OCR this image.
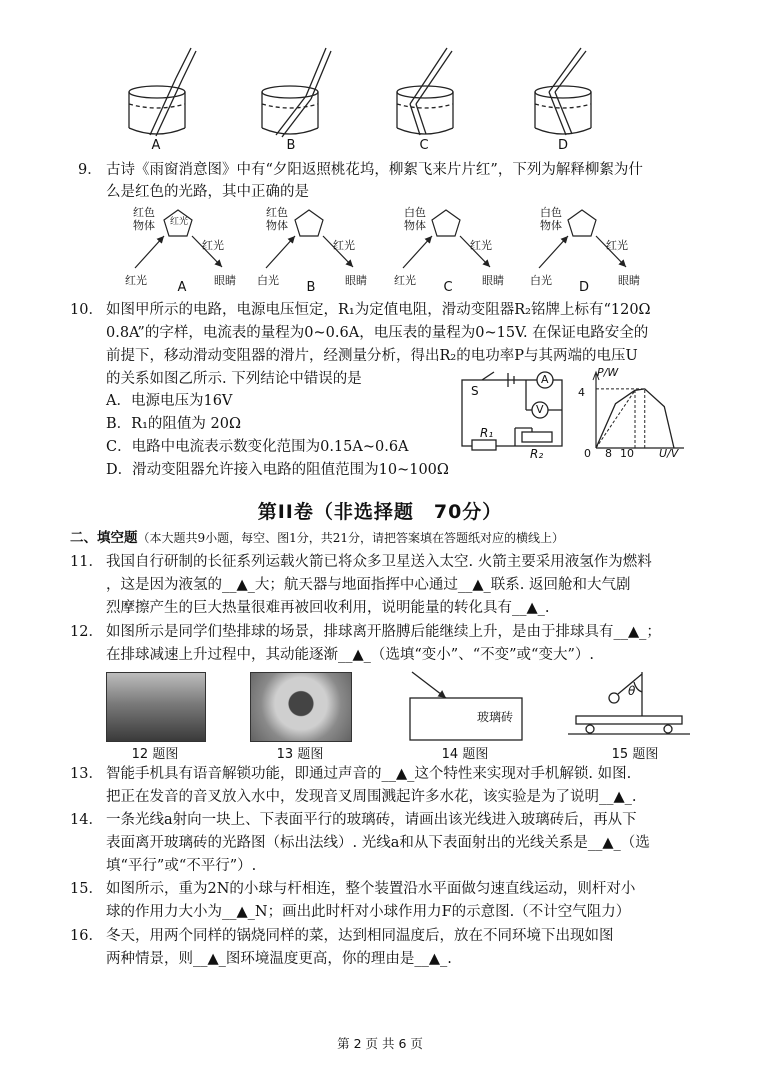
A	B	C	D
9． 古诗《雨窗消意图》中有“夕阳返照桃花坞，柳絮飞来片片红”，下列为解释柳絮为什
么是红色的光路，其中正确的是
红色物体 红光
红光
红光
眼睛
A
红色物体
白光
红光
眼睛
B
白色物体
红光
红光
眼睛
C
白色物体
白光
红光
眼睛
D
10． 如图甲所示的电路，电源电压恒定，R₁为定值电阻，滑动变阻器R₂铭牌上标有“120Ω
0.8A”的字样，电流表的量程为0~0.6A，电压表的量程为0~15V. 在保证电路安全的
前提下，移动滑动变阻器的滑片，经测量分析，得出R₂的电功率P与其两端的电压U
的关系如图乙所示. 下列结论中错误的是
A．电源电压为16V
B．R₁的阻值为 20Ω
C．电路中电流表示数变化范围为0.15A~0.6A
D．滑动变阻器允许接入电路的阻值范围为10~100Ω
S
A
V
R₁
R₂
P/W
U/V
4
0 8 10
第II卷（非选择题　70分）
二、填空题（本大题共9小题，每空、图1分，共21分，请把答案填在答题纸对应的横线上）
11． 我国自行研制的长征系列运载火箭已将众多卫星送入太空. 火箭主要采用液氢作为燃料
，这是因为液氢的__▲_大；航天器与地面指挥中心通过__▲_联系. 返回舱和大气剧
烈摩擦产生的巨大热量很难再被回收利用，说明能量的转化具有__▲_.
12． 如图所示是同学们垫排球的场景，排球离开胳膊后能继续上升，是由于排球具有__▲_；
在排球减速上升过程中，其动能逐渐__▲_（选填“变小”、“不变”或“变大”）.
玻璃砖
θ
12 题图	13 题图	14 题图	15 题图
13． 智能手机具有语音解锁功能，即通过声音的__▲_这个特性来实现对手机解锁. 如图.
把正在发音的音叉放入水中，发现音叉周围溅起许多水花，该实验是为了说明__▲_.
14． 一条光线a射向一块上、下表面平行的玻璃砖，请画出该光线进入玻璃砖后，再从下
表面离开玻璃砖的光路图（标出法线）. 光线a和从下表面射出的光线关系是__▲_（选
填“平行”或“不平行”）.
15． 如图所示，重为2N的小球与杆相连，整个装置沿水平面做匀速直线运动，则杆对小
球的作用力大小为__▲_N；画出此时杆对小球作用力F的示意图.（不计空气阻力）
16． 冬天，用两个同样的锅烧同样的菜，达到相同温度后，放在不同环境下出现如图
两种情景，则__▲_图环境温度更高，你的理由是__▲_.
第 2 页 共 6 页
